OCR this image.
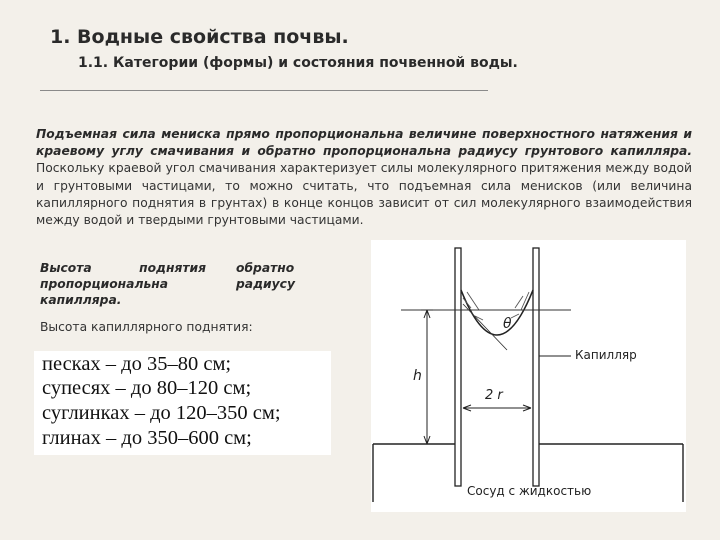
1. Водные свойства почвы.
1.1. Категории (формы) и состояния почвенной воды.

Подъемная сила мениска прямо пропорциональна величине поверхностного натяжения и краевому углу смачивания и обратно пропорциональна радиусу грунтового капилляра. Поскольку краевой угол смачивания характеризует силы молекулярного притяжения между водой и грунтовыми частицами, то можно считать, что подъемная сила менисков (или величина капиллярного поднятия в грунтах) в конце концов зависит от сил молекулярного взаимодействия между водой и твердыми грунтовыми частицами.

Высота поднятия
пропорциональна
капилляра.

обратно
радиусу

Высота капиллярного поднятия:

песках – до 35–80 см;
супесях – до 80–120 см;
суглинках – до 120–350 см;
глинах – до 350–600 см;
θ
h
2 r
Капилляр
Сосуд с жидкостью
